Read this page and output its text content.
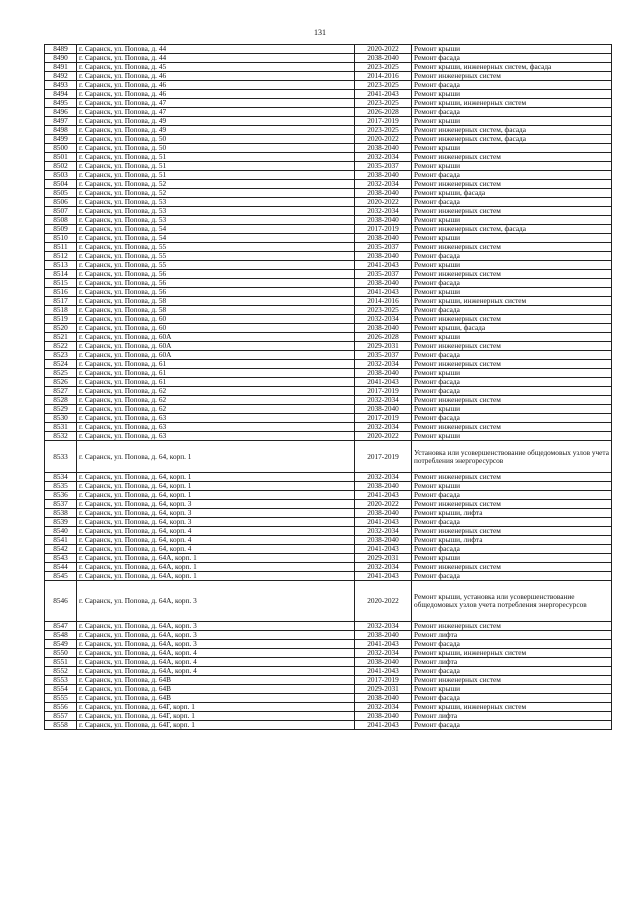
131
8489	г. Саранск, ул. Попова, д. 44	2020-2022	Ремонт крыши
8490	г. Саранск, ул. Попова, д. 44	2038-2040	Ремонт фасада
8491	г. Саранск, ул. Попова, д. 45	2023-2025	Ремонт крыши, инженерных систем, фасада
8492	г. Саранск, ул. Попова, д. 46	2014-2016	Ремонт инженерных систем
8493	г. Саранск, ул. Попова, д. 46	2023-2025	Ремонт фасада
8494	г. Саранск, ул. Попова, д. 46	2041-2043	Ремонт крыши
8495	г. Саранск, ул. Попова, д. 47	2023-2025	Ремонт крыши, инженерных систем
8496	г. Саранск, ул. Попова, д. 47	2026-2028	Ремонт фасада
8497	г. Саранск, ул. Попова, д. 49	2017-2019	Ремонт крыши
8498	г. Саранск, ул. Попова, д. 49	2023-2025	Ремонт инженерных систем, фасада
8499	г. Саранск, ул. Попова, д. 50	2020-2022	Ремонт инженерных систем, фасада
8500	г. Саранск, ул. Попова, д. 50	2038-2040	Ремонт крыши
8501	г. Саранск, ул. Попова, д. 51	2032-2034	Ремонт инженерных систем
8502	г. Саранск, ул. Попова, д. 51	2035-2037	Ремонт крыши
8503	г. Саранск, ул. Попова, д. 51	2038-2040	Ремонт фасада
8504	г. Саранск, ул. Попова, д. 52	2032-2034	Ремонт инженерных систем
8505	г. Саранск, ул. Попова, д. 52	2038-2040	Ремонт крыши, фасада
8506	г. Саранск, ул. Попова, д. 53	2020-2022	Ремонт фасада
8507	г. Саранск, ул. Попова, д. 53	2032-2034	Ремонт инженерных систем
8508	г. Саранск, ул. Попова, д. 53	2038-2040	Ремонт крыши
8509	г. Саранск, ул. Попова, д. 54	2017-2019	Ремонт инженерных систем, фасада
8510	г. Саранск, ул. Попова, д. 54	2038-2040	Ремонт крыши
8511	г. Саранск, ул. Попова, д. 55	2035-2037	Ремонт инженерных систем
8512	г. Саранск, ул. Попова, д. 55	2038-2040	Ремонт фасада
8513	г. Саранск, ул. Попова, д. 55	2041-2043	Ремонт крыши
8514	г. Саранск, ул. Попова, д. 56	2035-2037	Ремонт инженерных систем
8515	г. Саранск, ул. Попова, д. 56	2038-2040	Ремонт фасада
8516	г. Саранск, ул. Попова, д. 56	2041-2043	Ремонт крыши
8517	г. Саранск, ул. Попова, д. 58	2014-2016	Ремонт крыши, инженерных систем
8518	г. Саранск, ул. Попова, д. 58	2023-2025	Ремонт фасада
8519	г. Саранск, ул. Попова, д. 60	2032-2034	Ремонт инженерных систем
8520	г. Саранск, ул. Попова, д. 60	2038-2040	Ремонт крыши, фасада
8521	г. Саранск, ул. Попова, д. 60А	2026-2028	Ремонт крыши
8522	г. Саранск, ул. Попова, д. 60А	2029-2031	Ремонт инженерных систем
8523	г. Саранск, ул. Попова, д. 60А	2035-2037	Ремонт фасада
8524	г. Саранск, ул. Попова, д. 61	2032-2034	Ремонт инженерных систем
8525	г. Саранск, ул. Попова, д. 61	2038-2040	Ремонт крыши
8526	г. Саранск, ул. Попова, д. 61	2041-2043	Ремонт фасада
8527	г. Саранск, ул. Попова, д. 62	2017-2019	Ремонт фасада
8528	г. Саранск, ул. Попова, д. 62	2032-2034	Ремонт инженерных систем
8529	г. Саранск, ул. Попова, д. 62	2038-2040	Ремонт крыши
8530	г. Саранск, ул. Попова, д. 63	2017-2019	Ремонт фасада
8531	г. Саранск, ул. Попова, д. 63	2032-2034	Ремонт инженерных систем
8532	г. Саранск, ул. Попова, д. 63	2020-2022	Ремонт крыши
8533	г. Саранск, ул. Попова, д. 64, корп. 1	2017-2019	Установка или усовершенствование общедомовых узлов учета потребления энергоресурсов
8534	г. Саранск, ул. Попова, д. 64, корп. 1	2032-2034	Ремонт инженерных систем
8535	г. Саранск, ул. Попова, д. 64, корп. 1	2038-2040	Ремонт крыши
8536	г. Саранск, ул. Попова, д. 64, корп. 1	2041-2043	Ремонт фасада
8537	г. Саранск, ул. Попова, д. 64, корп. 3	2020-2022	Ремонт инженерных систем
8538	г. Саранск, ул. Попова, д. 64, корп. 3	2038-2040	Ремонт крыши, лифта
8539	г. Саранск, ул. Попова, д. 64, корп. 3	2041-2043	Ремонт фасада
8540	г. Саранск, ул. Попова, д. 64, корп. 4	2032-2034	Ремонт инженерных систем
8541	г. Саранск, ул. Попова, д. 64, корп. 4	2038-2040	Ремонт крыши, лифта
8542	г. Саранск, ул. Попова, д. 64, корп. 4	2041-2043	Ремонт фасада
8543	г. Саранск, ул. Попова, д. 64А, корп. 1	2029-2031	Ремонт крыши
8544	г. Саранск, ул. Попова, д. 64А, корп. 1	2032-2034	Ремонт инженерных систем
8545	г. Саранск, ул. Попова, д. 64А, корп. 1	2041-2043	Ремонт фасада
8546	г. Саранск, ул. Попова, д. 64А, корп. 3	2020-2022	Ремонт крыши, установка или усовершенствование общедомовых узлов учета потребления энергоресурсов
8547	г. Саранск, ул. Попова, д. 64А, корп. 3	2032-2034	Ремонт инженерных систем
8548	г. Саранск, ул. Попова, д. 64А, корп. 3	2038-2040	Ремонт лифта
8549	г. Саранск, ул. Попова, д. 64А, корп. 3	2041-2043	Ремонт фасада
8550	г. Саранск, ул. Попова, д. 64А, корп. 4	2032-2034	Ремонт крыши, инженерных систем
8551	г. Саранск, ул. Попова, д. 64А, корп. 4	2038-2040	Ремонт лифта
8552	г. Саранск, ул. Попова, д. 64А, корп. 4	2041-2043	Ремонт фасада
8553	г. Саранск, ул. Попова, д. 64В	2017-2019	Ремонт инженерных систем
8554	г. Саранск, ул. Попова, д. 64В	2029-2031	Ремонт крыши
8555	г. Саранск, ул. Попова, д. 64В	2038-2040	Ремонт фасада
8556	г. Саранск, ул. Попова, д. 64Г, корп. 1	2032-2034	Ремонт крыши, инженерных систем
8557	г. Саранск, ул. Попова, д. 64Г, корп. 1	2038-2040	Ремонт лифта
8558	г. Саранск, ул. Попова, д. 64Г, корп. 1	2041-2043	Ремонт фасада
